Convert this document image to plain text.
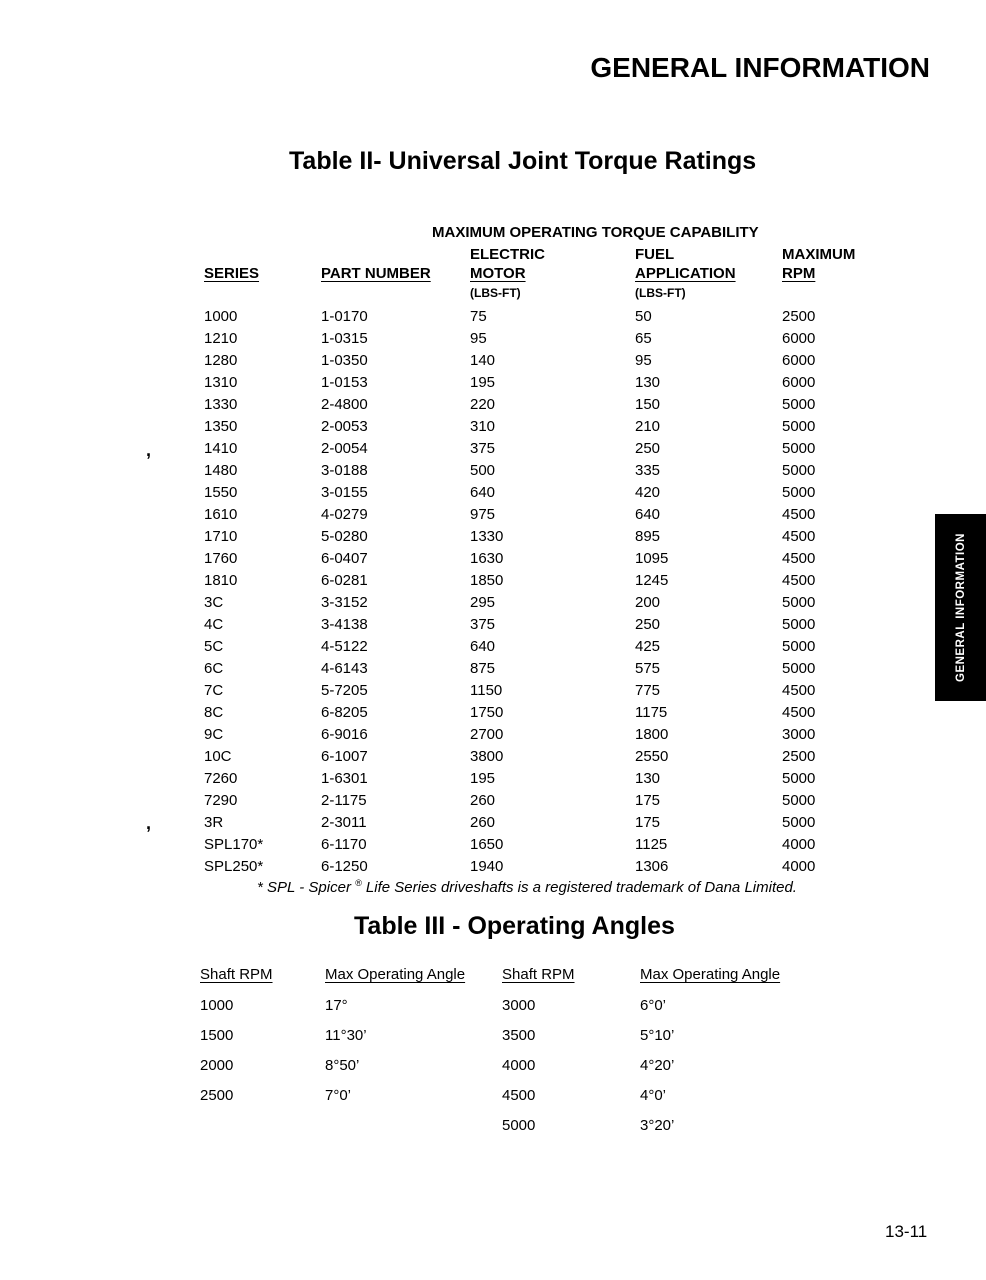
GENERAL INFORMATION
Table II- Universal Joint Torque Ratings
MAXIMUM OPERATING TORQUE CAPABILITY
		ELECTRIC	FUEL	MAXIMUM
SERIES	PART NUMBER	MOTOR	APPLICATION	RPM
		(LBS-FT)	(LBS-FT)	
1000	1-0170	75	50	2500
1210	1-0315	95	65	6000
1280	1-0350	140	95	6000
1310	1-0153	195	130	6000
1330	2-4800	220	150	5000
1350	2-0053	310	210	5000
1410	2-0054	375	250	5000
1480	3-0188	500	335	5000
1550	3-0155	640	420	5000
1610	4-0279	975	640	4500
1710	5-0280	1330	895	4500
1760	6-0407	1630	1095	4500
1810	6-0281	1850	1245	4500
3C	3-3152	295	200	5000
4C	3-4138	375	250	5000
5C	4-5122	640	425	5000
6C	4-6143	875	575	5000
7C	5-7205	1150	775	4500
8C	6-8205	1750	1175	4500
9C	6-9016	2700	1800	3000
10C	6-1007	3800	2550	2500
7260	1-6301	195	130	5000
7290	2-1175	260	175	5000
3R	2-3011	260	175	5000
SPL170*	6-1170	1650	1125	4000
SPL250*	6-1250	1940	1306	4000
* SPL - Spicer ® Life Series driveshafts is a registered trademark of Dana Limited.
Table III - Operating Angles
Shaft RPM	Max Operating Angle	Shaft RPM	Max Operating Angle
1000	17°	3000	6°0’
1500	11°30’	3500	5°10’
2000	8°50’	4000	4°20’
2500	7°0’	4500	4°0’
		5000	3°20’
GENERAL INFORMATION
13-11
,
,
